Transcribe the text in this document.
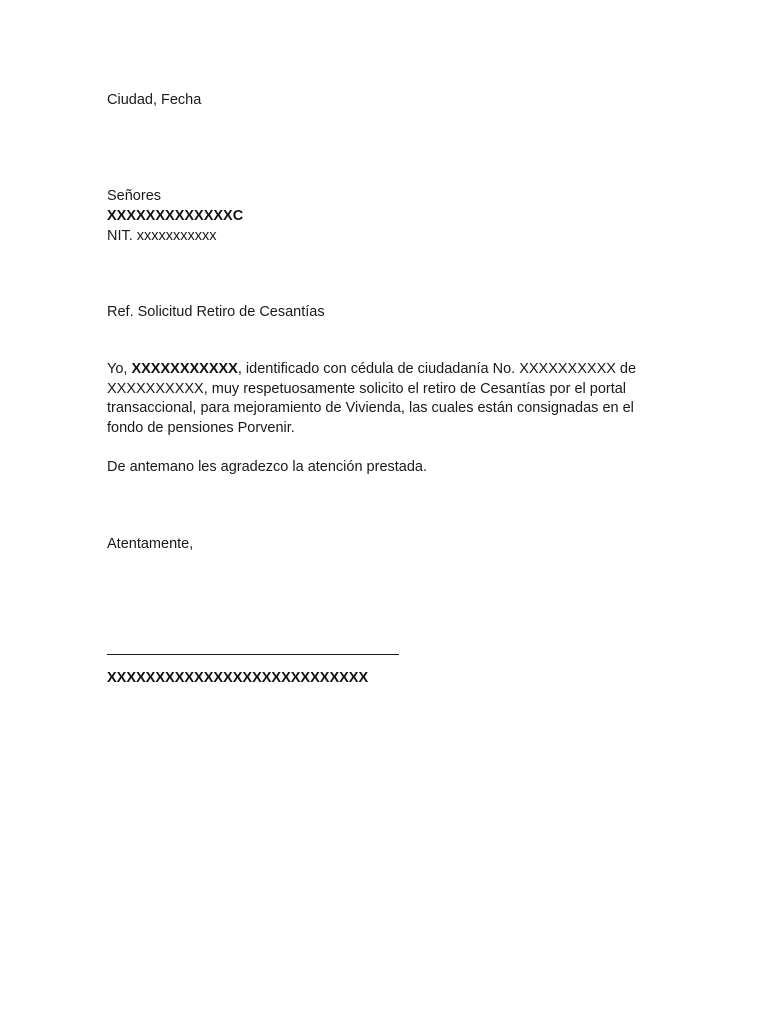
Ciudad, Fecha
Señores
XXXXXXXXXXXXXC
NIT. xxxxxxxxxxx
Ref. Solicitud Retiro de Cesantías
Yo, XXXXXXXXXXX, identificado con cédula de ciudadanía No. XXXXXXXXXX de
XXXXXXXXXX, muy respetuosamente solicito el retiro de Cesantías por el portal
transaccional, para mejoramiento de Vivienda, las cuales están consignadas en el
fondo de pensiones Porvenir.
De antemano les agradezco la atención prestada.
Atentamente,
XXXXXXXXXXXXXXXXXXXXXXXXXXX
